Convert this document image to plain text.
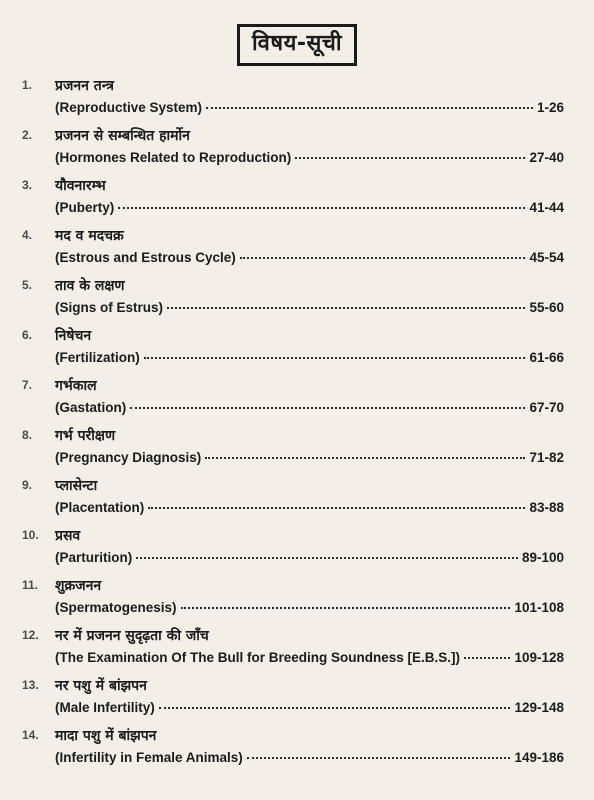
विषय-सूची
1. प्रजनन तन्त्र
(Reproductive System)	1-26
2. प्रजनन से सम्बन्धित हार्मोन
(Hormones Related to Reproduction)	27-40
3. यौवनारम्भ
(Puberty)	41-44
4. मद व मदचक्र
(Estrous and Estrous Cycle)	45-54
5. ताव के लक्षण
(Signs of Estrus)	55-60
6. निषेचन
(Fertilization)	61-66
7. गर्भकाल
(Gastation)	67-70
8. गर्भ परीक्षण
(Pregnancy Diagnosis)	71-82
9. प्लासेन्टा
(Placentation)	83-88
10. प्रसव
(Parturition)	89-100
11. शुक्रजनन
(Spermatogenesis)	101-108
12. नर में प्रजनन सुदृढ़ता की जाँच
(The Examination Of The Bull for Breeding Soundness [E.B.S.])	109-128
13. नर पशु में बांझपन
(Male Infertility)	129-148
14. मादा पशु में बांझपन
(Infertility in Female Animals)	149-186
